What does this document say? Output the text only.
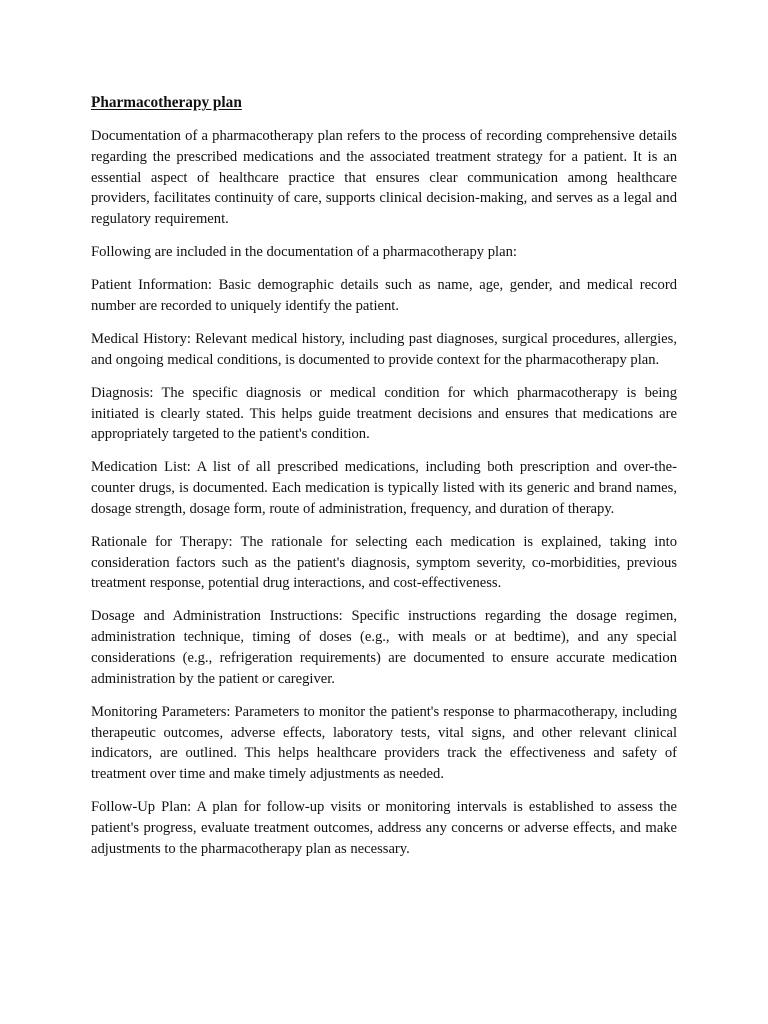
Pharmacotherapy plan

Documentation of a pharmacotherapy plan refers to the process of recording comprehensive details regarding the prescribed medications and the associated treatment strategy for a patient. It is an essential aspect of healthcare practice that ensures clear communication among healthcare providers, facilitates continuity of care, supports clinical decision-making, and serves as a legal and regulatory requirement.

Following are included in the documentation of a pharmacotherapy plan:

Patient Information: Basic demographic details such as name, age, gender, and medical record number are recorded to uniquely identify the patient.

Medical History: Relevant medical history, including past diagnoses, surgical procedures, allergies, and ongoing medical conditions, is documented to provide context for the pharmacotherapy plan.

Diagnosis: The specific diagnosis or medical condition for which pharmacotherapy is being initiated is clearly stated. This helps guide treatment decisions and ensures that medications are appropriately targeted to the patient's condition.

Medication List: A list of all prescribed medications, including both prescription and over-the-counter drugs, is documented. Each medication is typically listed with its generic and brand names, dosage strength, dosage form, route of administration, frequency, and duration of therapy.

Rationale for Therapy: The rationale for selecting each medication is explained, taking into consideration factors such as the patient's diagnosis, symptom severity, co-morbidities, previous treatment response, potential drug interactions, and cost-effectiveness.

Dosage and Administration Instructions: Specific instructions regarding the dosage regimen, administration technique, timing of doses (e.g., with meals or at bedtime), and any special considerations (e.g., refrigeration requirements) are documented to ensure accurate medication administration by the patient or caregiver.

Monitoring Parameters: Parameters to monitor the patient's response to pharmacotherapy, including therapeutic outcomes, adverse effects, laboratory tests, vital signs, and other relevant clinical indicators, are outlined. This helps healthcare providers track the effectiveness and safety of treatment over time and make timely adjustments as needed.

Follow-Up Plan: A plan for follow-up visits or monitoring intervals is established to assess the patient's progress, evaluate treatment outcomes, address any concerns or adverse effects, and make adjustments to the pharmacotherapy plan as necessary.
